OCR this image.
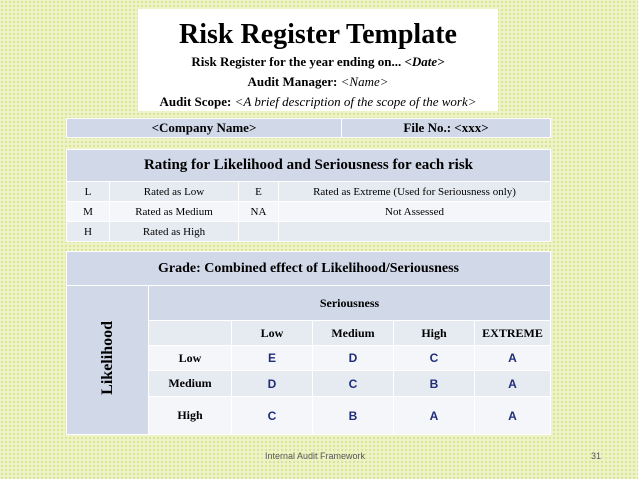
Risk Register Template
Risk Register for the year ending on... <Date>
Audit Manager: <Name>
Audit Scope: <A brief description of the scope of the work>
<Company Name>	File No.: <xxx>
Rating for Likelihood and Seriousness for each risk			
L	Rated as Low	E	Rated as Extreme (Used for Seriousness only)
M	Rated as Medium	NA	Not Assessed
H	Rated as High		
Grade: Combined effect of Likelihood/Seriousness					
Likelihood	Seriousness				
		Low	Medium	High	EXTREME
	Low	E	D	C	A
	Medium	D	C	B	A
	High	C	B	A	A
Internal Audit Framework	31
